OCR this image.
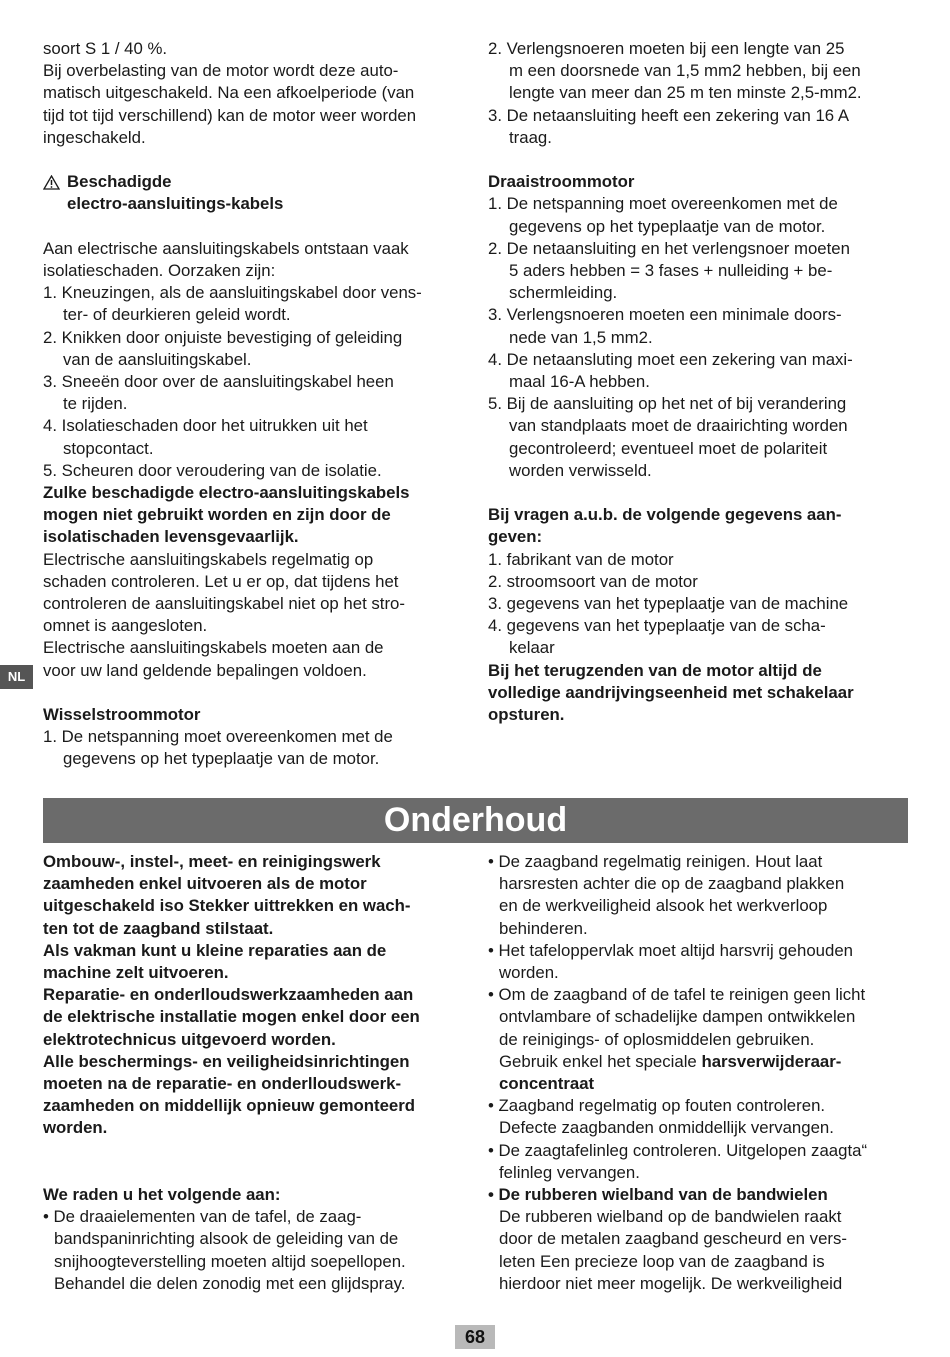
NL
soort S 1 / 40 %.
Bij overbelasting van de motor wordt deze auto-
matisch uitgeschakeld. Na een afkoelperiode (van
tijd tot tijd verschillend) kan de motor weer worden
ingeschakeld.
Beschadigde
electro-aansluitings-kabels
Aan electrische aansluitingskabels ontstaan vaak
isolatieschaden. Oorzaken zijn:
1. Kneuzingen, als de aansluitingskabel door vens-
ter- of deurkieren geleid wordt.
2. Knikken door onjuiste bevestiging of geleiding
van de aansluitingskabel.
3. Sneeën door over de aansluitingskabel heen
te rijden.
4. Isolatieschaden door het uitrukken uit het
stopcontact.
5. Scheuren door veroudering van de isolatie.
Zulke beschadigde electro-aansluitingskabels
mogen niet gebruikt worden en zijn door de
isolatischaden levensgevaarlijk.
Electrische aansluitingskabels regelmatig op
schaden controleren. Let u er op, dat tijdens het
controleren de aansluitingskabel niet op het stro-
omnet is aangesloten.
Electrische aansluitingskabels moeten aan de
voor uw land geldende bepalingen voldoen.
Wisselstroommotor
1. De netspanning moet overeenkomen met de
gegevens op het typeplaatje van de motor.
2. Verlengsnoeren moeten bij een lengte van 25
m een doorsnede van 1,5 mm2 hebben, bij een
lengte van meer dan 25 m ten minste 2,5-mm2.
3. De netaansluiting heeft een zekering van 16 A
traag.
Draaistroommotor
1. De netspanning moet overeenkomen met de
gegevens op het typeplaatje van de motor.
2. De netaansluiting en het verlengsnoer moeten
5 aders hebben = 3 fases + nulleiding + be-
schermleiding.
3. Verlengsnoeren moeten een minimale doors-
nede van 1,5 mm2.
4. De netaansluting moet een zekering van maxi-
maal 16-A hebben.
5. Bij de aansluiting op het net of bij verandering
van standplaats moet de draairichting worden
gecontroleerd; eventueel moet de polariteit
worden verwisseld.
Bij vragen a.u.b. de volgende gegevens aan-
geven:
1. fabrikant van de motor
2. stroomsoort van de motor
3. gegevens van het typeplaatje van de machine
4. gegevens van het typeplaatje van de scha-
kelaar
Bij het terugzenden van de motor altijd de
volledige aandrijvingseenheid met schakelaar
opsturen.
Onderhoud
Ombouw-, instel-, meet- en reinigingswerk
zaamheden enkel uitvoeren als de motor
uitgeschakeld iso Stekker uittrekken en wach-
ten tot de zaagband stilstaat.
Als vakman kunt u kleine reparaties aan de
machine zelt uitvoeren.
Reparatie- en onderlloudswerkzaamheden aan
de elektrische installatie mogen enkel door een
elektrotechnicus uitgevoerd worden.
Alle beschermings- en veiligheidsinrichtingen
moeten na de reparatie- en onderlloudswerk-
zaamheden on middellijk opnieuw gemonteerd
worden.
We raden u het volgende aan:
• De draaielementen van de tafel, de zaag-
bandspaninrichting alsook de geleiding van de
snijhoogteverstelling moeten altijd soepellopen.
Behandel die delen zonodig met een glijdspray.
• De zaagband regelmatig reinigen. Hout laat
harsresten achter die op de zaagband plakken
en de werkveiligheid alsook het werkverloop
behinderen.
• Het tafeloppervlak moet altijd harsvrij gehouden
worden.
• Om de zaagband of de tafel te reinigen geen licht
ontvlambare of schadelijke dampen ontwikkelen
de reinigings- of oplosmiddelen gebruiken.
Gebruik enkel het speciale harsverwijderaar-
concentraat
• Zaagband regelmatig op fouten controleren.
Defecte zaagbanden onmiddellijk vervangen.
• De zaagtafelinleg controleren. Uitgelopen zaagta“
felinleg vervangen.
• De rubberen wielband van de bandwielen
De rubberen wielband op de bandwielen raakt
door de metalen zaagband gescheurd en vers-
leten Een precieze loop van de zaagband is
hierdoor niet meer mogelijk. De werkveiligheid
68
